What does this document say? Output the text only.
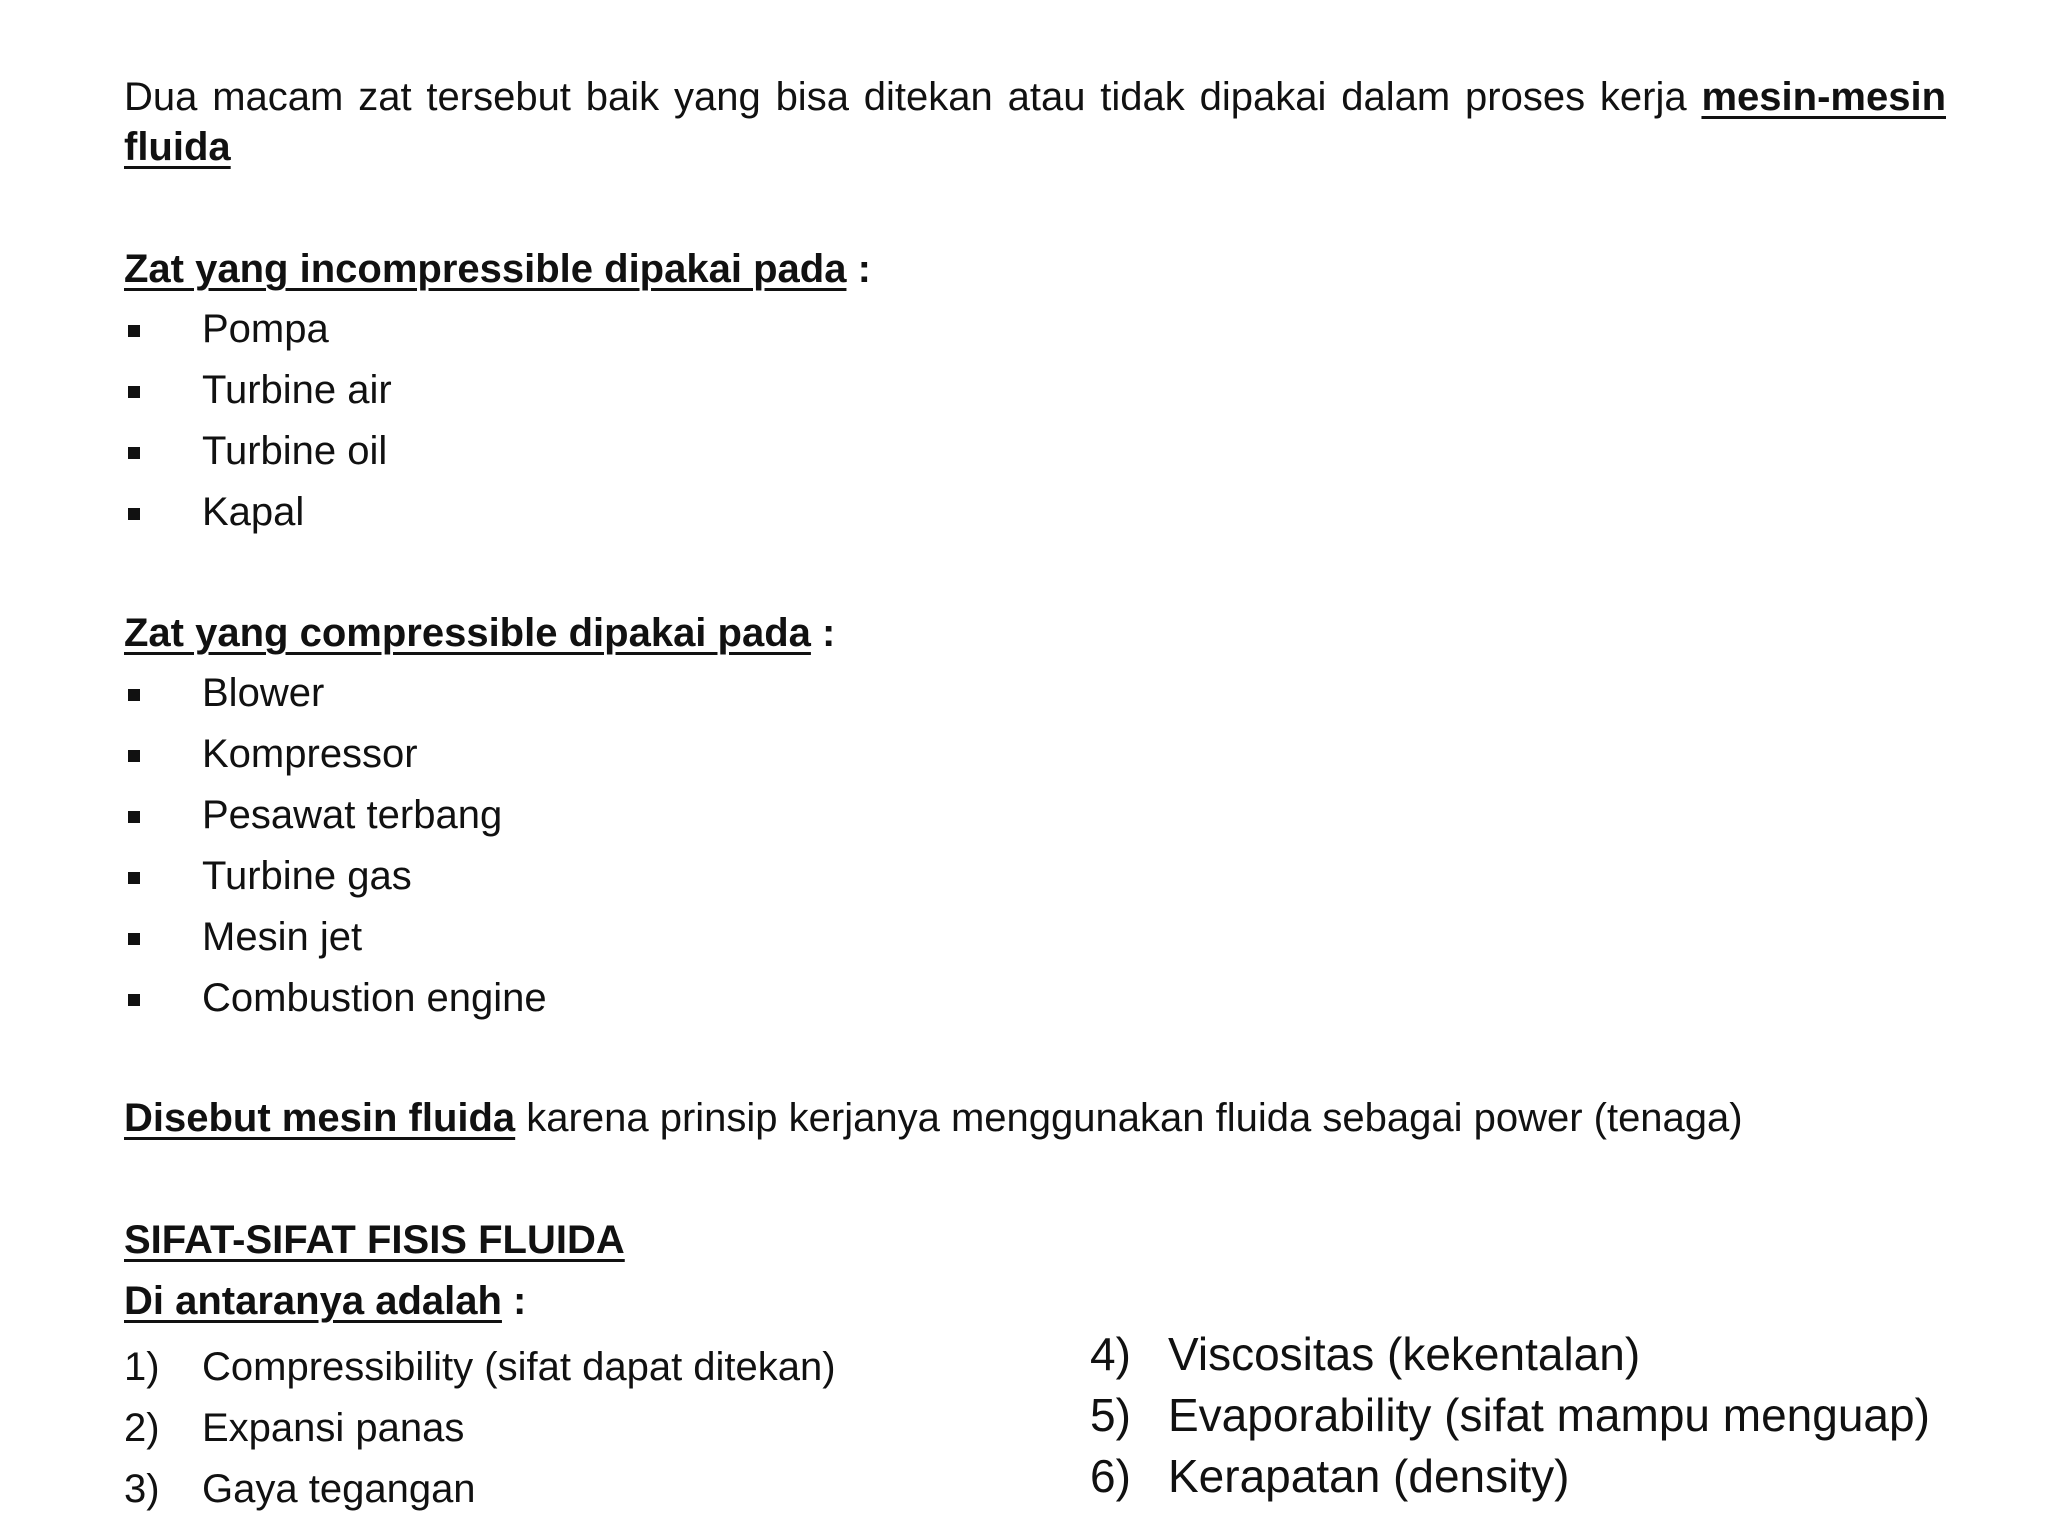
Dua macam zat tersebut baik yang bisa ditekan atau tidak dipakai dalam proses kerja mesin-mesin fluida
Zat yang incompressible dipakai pada :
Pompa
Turbine air
Turbine oil
Kapal
Zat yang compressible dipakai pada :
Blower
Kompressor
Pesawat terbang
Turbine gas
Mesin jet
Combustion engine
Disebut mesin fluida karena prinsip kerjanya menggunakan fluida sebagai power (tenaga)
SIFAT-SIFAT FISIS FLUIDA
Di antaranya adalah :
1) Compressibility (sifat dapat ditekan)
2) Expansi panas
3) Gaya tegangan
4) Viscositas (kekentalan)
5) Evaporability (sifat mampu menguap)
6) Kerapatan (density)
